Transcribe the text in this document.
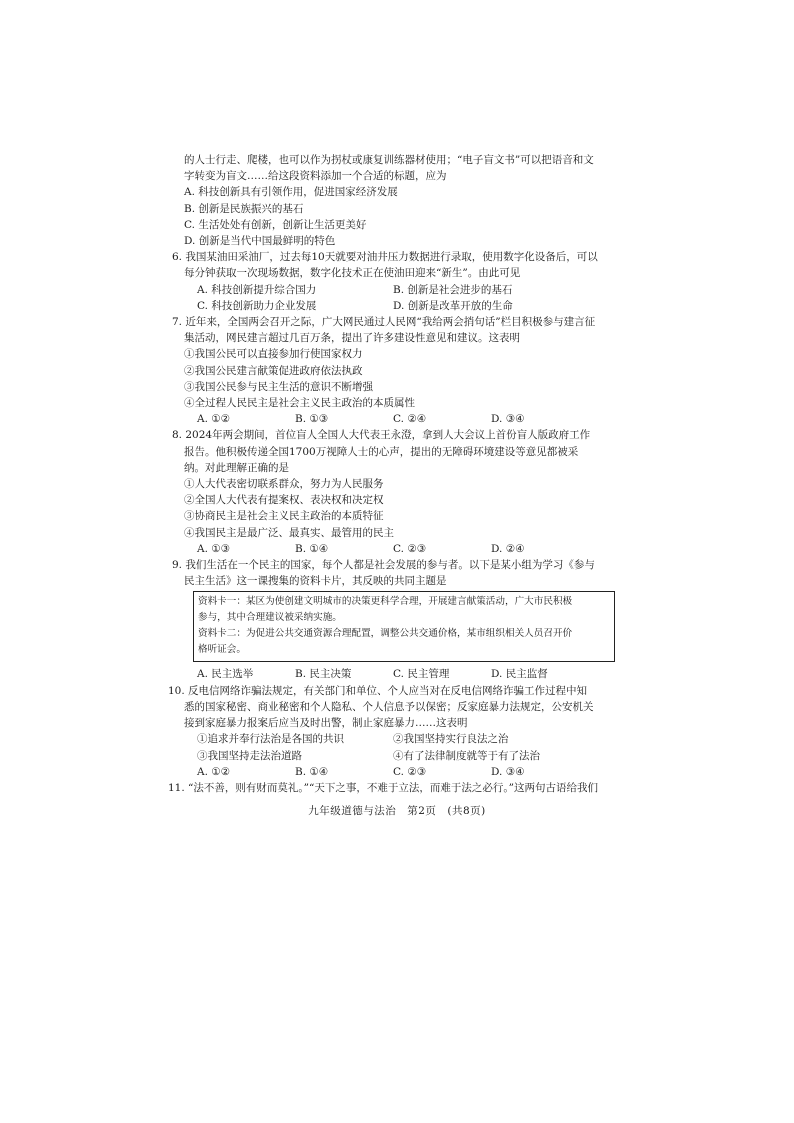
的人士行走、爬楼，也可以作为拐杖或康复训练器材使用；“电子盲文书”可以把语音和文
字转变为盲文……给这段资料添加一个合适的标题，应为
A. 科技创新具有引领作用，促进国家经济发展
B. 创新是民族振兴的基石
C. 生活处处有创新，创新让生活更美好
D. 创新是当代中国最鲜明的特色
6. 我国某油田采油厂，过去每10天就要对油井压力数据进行录取，使用数字化设备后，可以
每分钟获取一次现场数据，数字化技术正在使油田迎来“新生”。由此可见
A. 科技创新提升综合国力	B. 创新是社会进步的基石
C. 科技创新助力企业发展	D. 创新是改革开放的生命
7. 近年来，全国两会召开之际，广大网民通过人民网“我给两会捎句话”栏目积极参与建言征
集活动，网民建言超过几百万条，提出了许多建设性意见和建议。这表明
①我国公民可以直接参加行使国家权力
②我国公民建言献策促进政府依法执政
③我国公民参与民主生活的意识不断增强
④全过程人民民主是社会主义民主政治的本质属性
A. ①②	B. ①③	C. ②④	D. ③④
8. 2024年两会期间，首位盲人全国人大代表王永澄，拿到人大会议上首份盲人版政府工作
报告。他积极传递全国1700万视障人士的心声，提出的无障碍环境建设等意见都被采
纳。对此理解正确的是
①人大代表密切联系群众，努力为人民服务
②全国人大代表有提案权、表决权和决定权
③协商民主是社会主义民主政治的本质特征
④我国民主是最广泛、最真实、最管用的民主
A. ①③	B. ①④	C. ②③	D. ②④
9. 我们生活在一个民主的国家，每个人都是社会发展的参与者。以下是某小组为学习《参与
民主生活》这一课搜集的资料卡片，其反映的共同主题是
资料卡一：某区为使创建文明城市的决策更科学合理，开展建言献策活动，广大市民积极
参与，其中合理建议被采纳实施。
资料卡二：为促进公共交通资源合理配置，调整公共交通价格，某市组织相关人员召开价
格听证会。
A. 民主选举	B. 民主决策	C. 民主管理	D. 民主监督
10. 反电信网络诈骗法规定，有关部门和单位、个人应当对在反电信网络诈骗工作过程中知
悉的国家秘密、商业秘密和个人隐私、个人信息予以保密；反家庭暴力法规定，公安机关
接到家庭暴力报案后应当及时出警，制止家庭暴力……这表明
①追求并奉行法治是各国的共识	②我国坚持实行良法之治
③我国坚持走法治道路	④有了法律制度就等于有了法治
A. ①②	B. ①④	C. ②③	D. ③④
11. “法不善，则有财而莫礼。”“天下之事，不难于立法，而难于法之必行。”这两句古语给我们
九年级道德与法治　第2页　(共8页)
